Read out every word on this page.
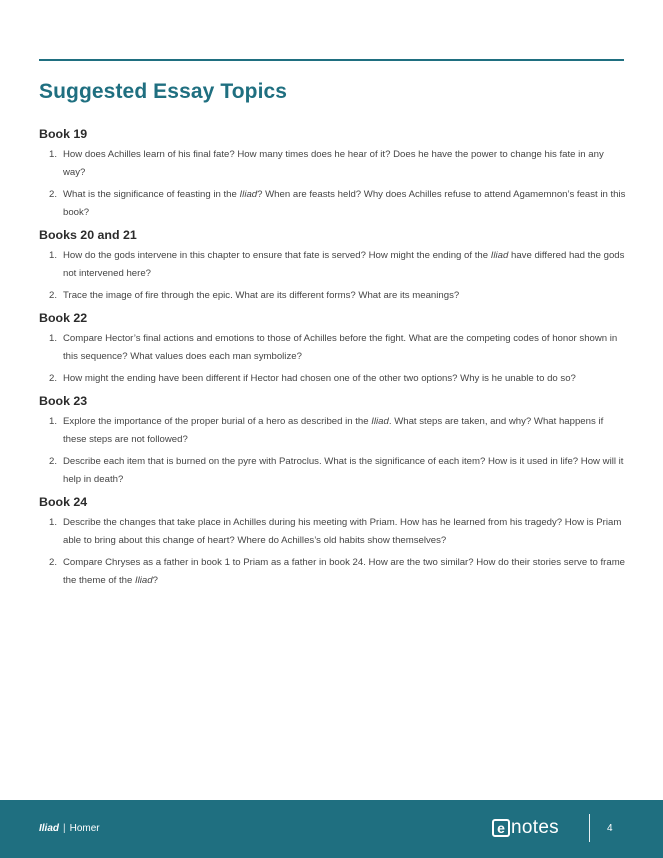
Suggested Essay Topics
Book 19
1. How does Achilles learn of his final fate? How many times does he hear of it? Does he have the power to change his fate in any way?
2. What is the significance of feasting in the Iliad? When are feasts held? Why does Achilles refuse to attend Agamemnon’s feast in this book?
Books 20 and 21
1. How do the gods intervene in this chapter to ensure that fate is served? How might the ending of the Iliad have differed had the gods not intervened here?
2. Trace the image of fire through the epic. What are its different forms? What are its meanings?
Book 22
1. Compare Hector’s final actions and emotions to those of Achilles before the fight. What are the competing codes of honor shown in this sequence? What values does each man symbolize?
2. How might the ending have been different if Hector had chosen one of the other two options? Why is he unable to do so?
Book 23
1. Explore the importance of the proper burial of a hero as described in the Iliad. What steps are taken, and why? What happens if these steps are not followed?
2. Describe each item that is burned on the pyre with Patroclus. What is the significance of each item? How is it used in life? How will it help in death?
Book 24
1. Describe the changes that take place in Achilles during his meeting with Priam. How has he learned from his tragedy? How is Priam able to bring about this change of heart? Where do Achilles’s old habits show themselves?
2. Compare Chryses as a father in book 1 to Priam as a father in book 24. How are the two similar? How do their stories serve to frame the theme of the Iliad?
Iliad | Homer	e notes	4
